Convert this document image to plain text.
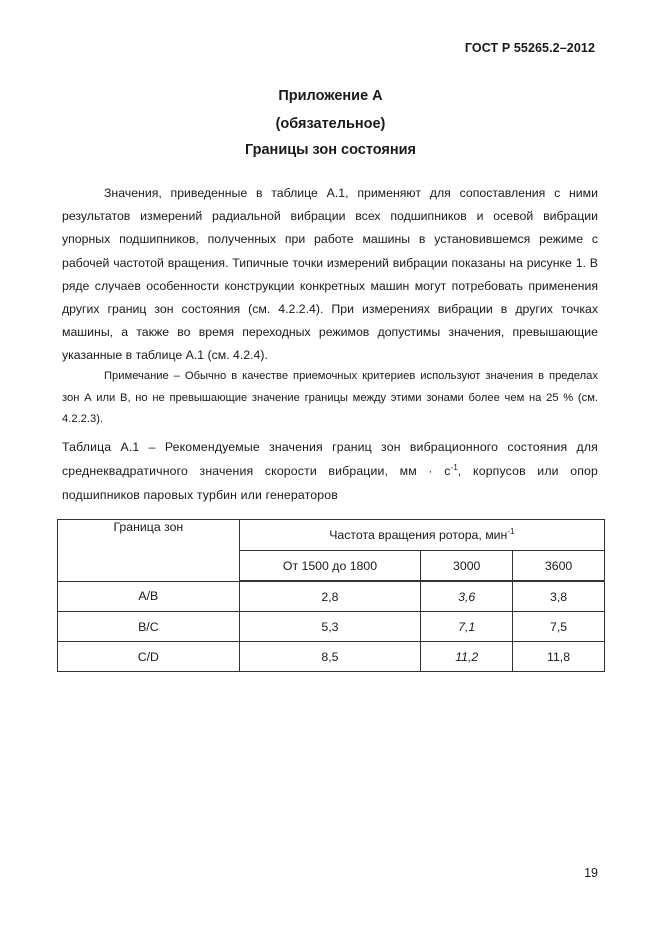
ГОСТ Р 55265.2–2012
Приложение А
(обязательное)
Границы зон состояния

Значения, приведенные в таблице А.1, применяют для сопоставления с ними результатов измерений радиальной вибрации всех подшипников и осевой вибрации упорных подшипников, полученных при работе машины в установившемся режиме с рабочей частотой вращения. Типичные точки измерений вибрации показаны на рисунке 1. В ряде случаев особенности конструкции конкретных машин могут потребовать применения других границ зон состояния (см. 4.2.2.4). При измерениях вибрации в других точках машины, а также во время переходных режимов допустимы значения, превышающие указанные в таблице А.1 (см. 4.2.4).

Примечание – Обычно в качестве приемочных критериев используют значения в пределах зон А или В, но не превышающие значение границы между этими зонами более чем на 25 % (см. 4.2.2.3).

Таблица А.1 – Рекомендуемые значения границ зон вибрационного состояния для среднеквадратичного значения скорости вибрации, мм · $с^{-1}$, корпусов или опор подшипников паровых турбин или генераторов

Граница зон	Частота вращения ротора, мин$^{-1}$
	От 1500 до 1800	3000	3600
А/В	2,8	3,6	3,8
В/С	5,3	7,1	7,5
С/D	8,5	11,2	11,8
19
